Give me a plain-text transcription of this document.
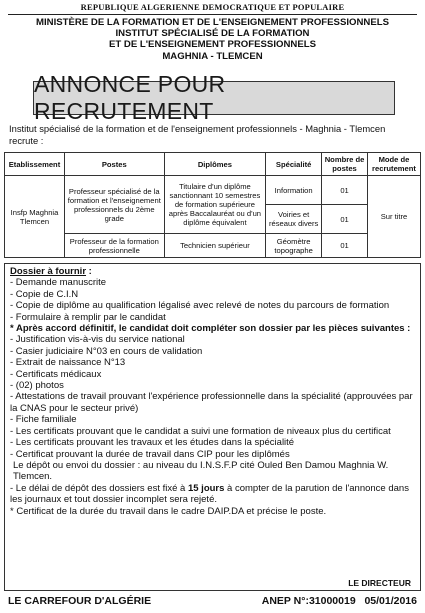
REPUBLIQUE ALGERIENNE DEMOCRATIQUE ET POPULAIRE
MINISTÈRE DE LA FORMATION ET DE L'ENSEIGNEMENT PROFESSIONNELS
INSTITUT SPÉCIALISÉ DE LA FORMATION
ET DE L'ENSEIGNEMENT PROFESSIONNELS
MAGHNIA - TLEMCEN
ANNONCE POUR RECRUTEMENT
Institut spécialisé de la formation et de l'enseignement professionnels - Maghnia - Tlemcen recrute :
Etablissement	Postes	Diplômes	Spécialité	Nombre de postes	Mode de recrutement
Insfp Maghnia Tlemcen	Professeur spécialisé de la formation et l'enseignement professionnels du 2ème grade	Titulaire d'un diplôme sanctionnant 10 semestres de formation supérieure après Baccalauréat ou d'un diplôme équivalent	Information	01	Sur titre
			Voiries et réseaux divers	01	
	Professeur de la formation professionnelle	Technicien supérieur	Géomètre topographe	01	
Dossier à fournir :
- Demande manuscrite
- Copie de C.I.N
- Copie de diplôme au qualification légalisé avec relevé de notes du parcours de formation
- Formulaire à remplir par le candidat
* Après accord définitif, le candidat doit compléter son dossier par les pièces suivantes :
- Justification vis-à-vis du service national
- Casier judiciaire N°03 en cours de validation
- Extrait de naissance N°13
- Certificats médicaux
- (02) photos
- Attestations de travail prouvant l'expérience professionnelle dans la spécialité (approuvées par la CNAS pour le secteur privé)
- Fiche familiale
- Les certificats prouvant que le candidat a suivi une formation de niveaux plus du certificat
- Les certificats prouvant les travaux et les études dans la spécialité
- Certificat prouvant la durée de travail dans CIP pour les diplômés
Le dépôt ou envoi du dossier : au niveau du I.N.S.F.P cité Ouled Ben Damou Maghnia W. Tlemcen.
- Le délai de dépôt des dossiers est fixé à 15 jours à compter de la parution de l'annonce dans les journaux et tout dossier incomplet sera rejeté.
* Certificat de la durée du travail dans le cadre DAIP.DA et précise le poste.
LE DIRECTEUR
LE CARREFOUR D'ALGÉRIE	ANEP N°:31000019 05/01/2016
